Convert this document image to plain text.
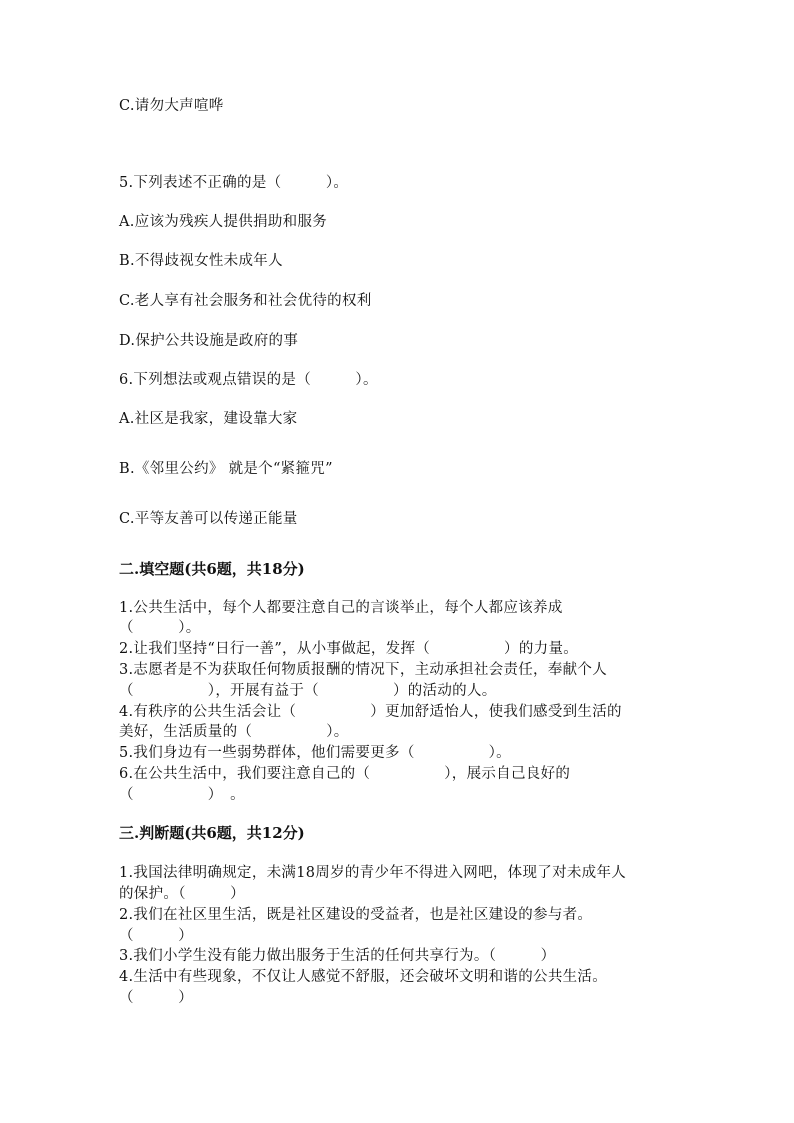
C.请勿大声喧哗
5.下列表述不正确的是（　　　）。
A.应该为残疾人提供捐助和服务
B.不得歧视女性未成年人
C.老人享有社会服务和社会优待的权利
D.保护公共设施是政府的事
6.下列想法或观点错误的是（　　　）。
A.社区是我家，建设靠大家
B.《邻里公约》 就是个“紧箍咒”
C.平等友善可以传递正能量
二.填空题(共6题，共18分)
1.公共生活中，每个人都要注意自己的言谈举止，每个人都应该养成
（　　　）。
2.让我们坚持“日行一善”，从小事做起，发挥（　　　　　）的力量。
3.志愿者是不为获取任何物质报酬的情况下，主动承担社会责任，奉献个人
（　　　　　），开展有益于（　　　　　）的活动的人。
4.有秩序的公共生活会让（　　　　　）更加舒适怡人，使我们感受到生活的
美好，生活质量的（　　　　　）。
5.我们身边有一些弱势群体，他们需要更多（　　　　　）。
6.在公共生活中，我们要注意自己的（　　　　　），展示自己良好的
（　　　　　）　。
三.判断题(共6题，共12分)
1.我国法律明确规定，未满18周岁的青少年不得进入网吧，体现了对未成年人
的保护。（　　　）
2.我们在社区里生活，既是社区建设的受益者，也是社区建设的参与者。
（　　　）
3.我们小学生没有能力做出服务于生活的任何共享行为。（　　　）
4.生活中有些现象，不仅让人感觉不舒服，还会破坏文明和谐的公共生活。
（　　　）
